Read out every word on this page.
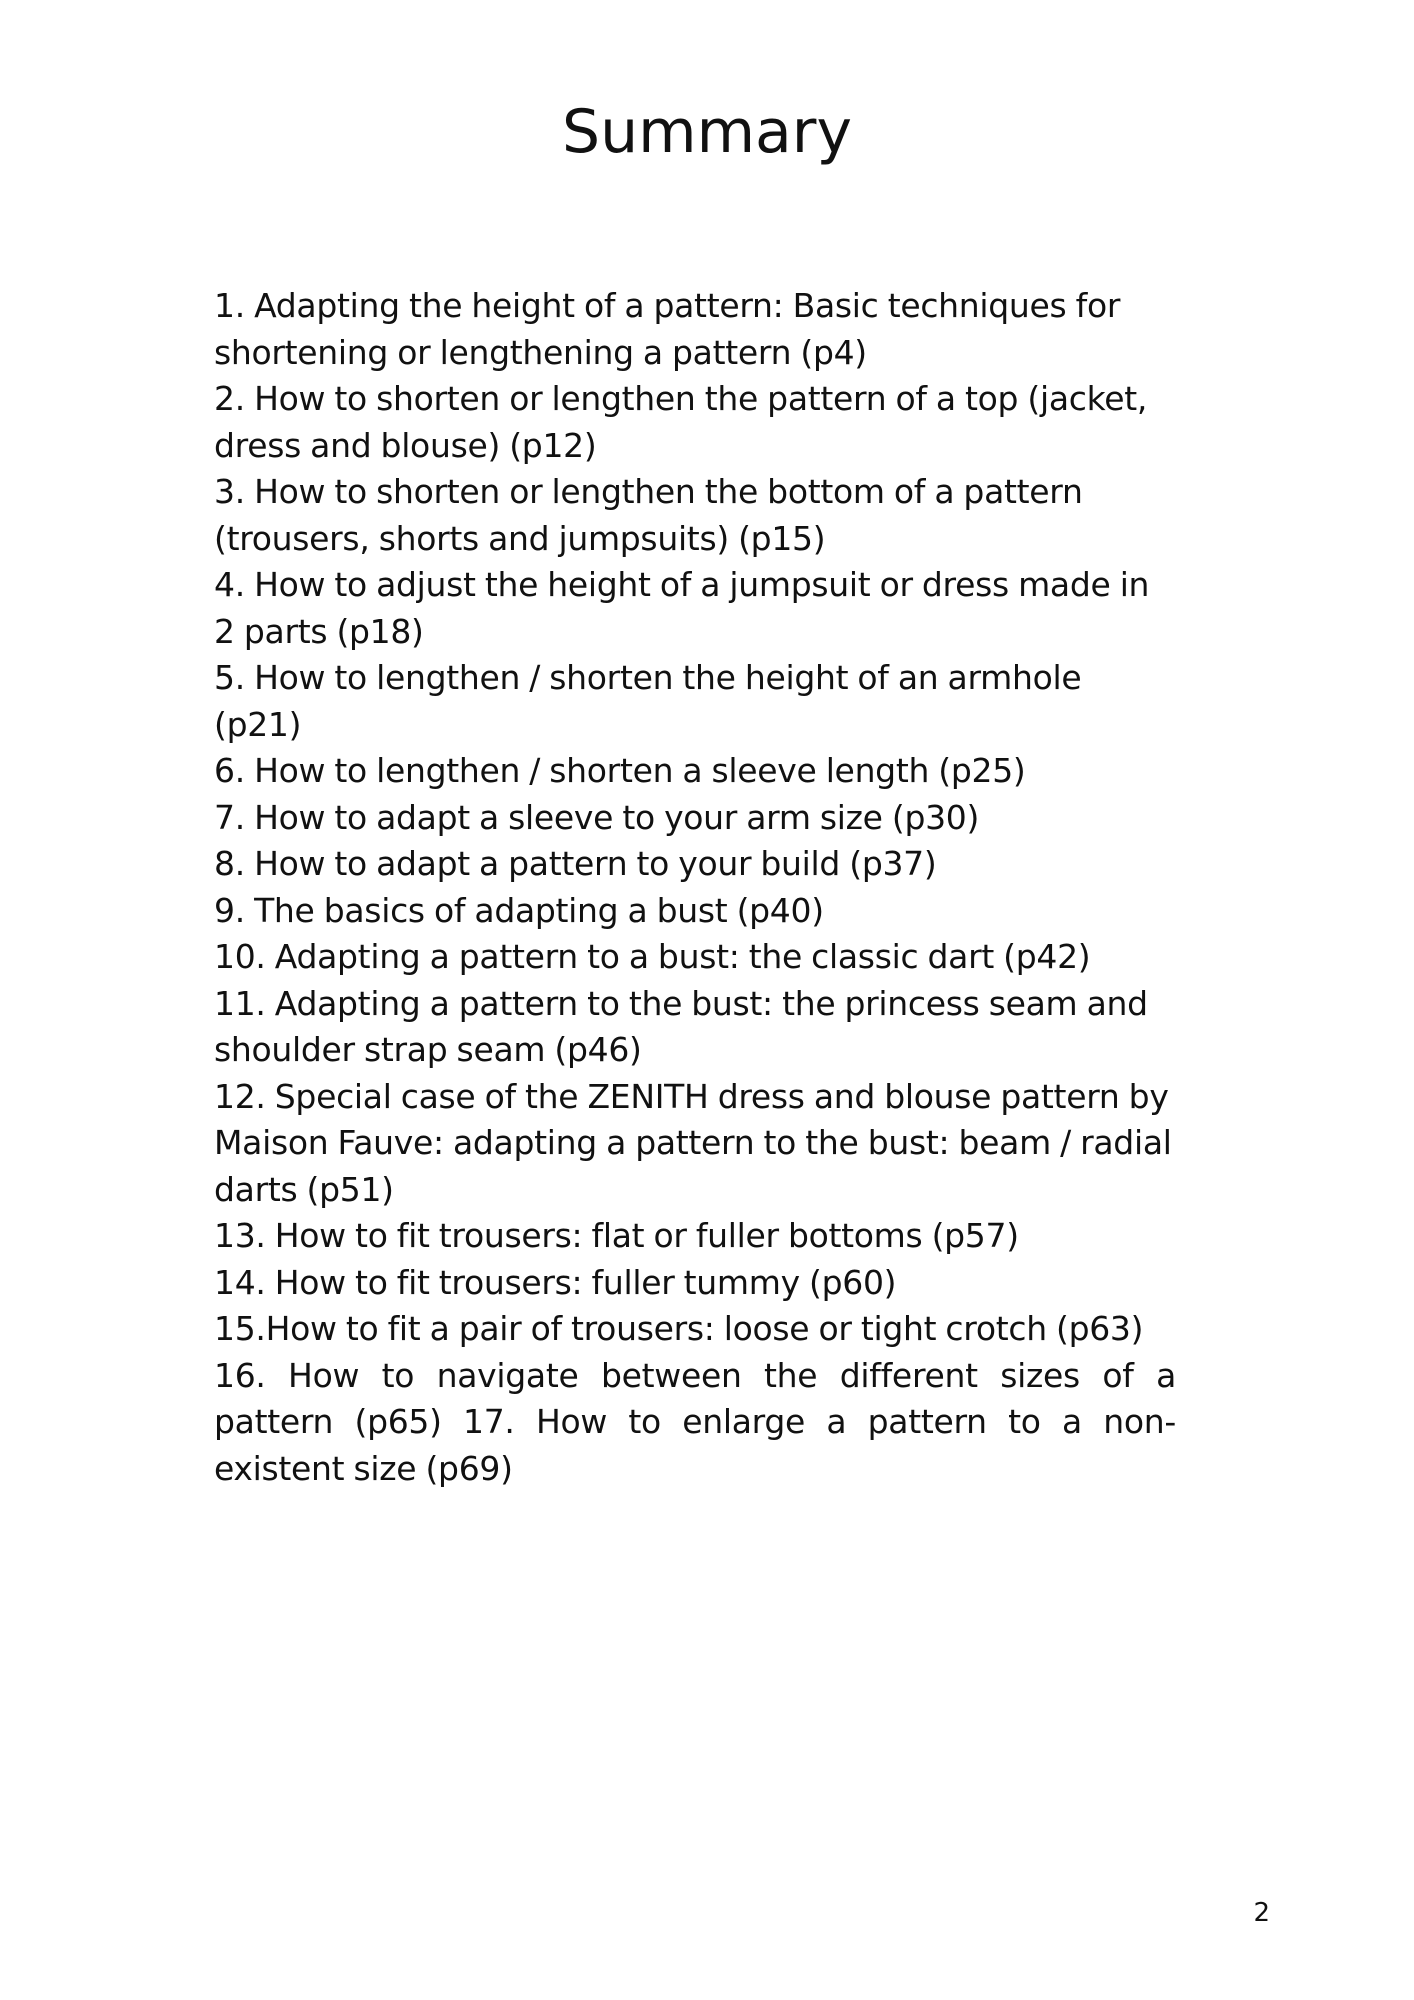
Summary

1. Adapting the height of a pattern: Basic techniques for shortening or lengthening a pattern (p4)

2. How to shorten or lengthen the pattern of a top (jacket, dress and blouse) (p12)

3. How to shorten or lengthen the bottom of a pattern (trousers, shorts and jumpsuits) (p15)

4. How to adjust the height of a jumpsuit or dress made in 2 parts (p18)

5. How to lengthen / shorten the height of an armhole (p21)

6. How to lengthen / shorten a sleeve length (p25)

7. How to adapt a sleeve to your arm size (p30)

8. How to adapt a pattern to your build (p37)

9. The basics of adapting a bust (p40)

10. Adapting a pattern to a bust: the classic dart (p42)

11. Adapting a pattern to the bust: the princess seam and shoulder strap seam (p46)

12. Special case of the ZENITH dress and blouse pattern by Maison Fauve: adapting a pattern to the bust: beam / radial darts (p51)

13. How to fit trousers: flat or fuller bottoms (p57)

14. How to fit trousers: fuller tummy (p60)

15.How to fit a pair of trousers: loose or tight crotch (p63)

16. How to navigate between the different sizes of a pattern (p65) 17. How to enlarge a pattern to a non-existent size (p69)

2
